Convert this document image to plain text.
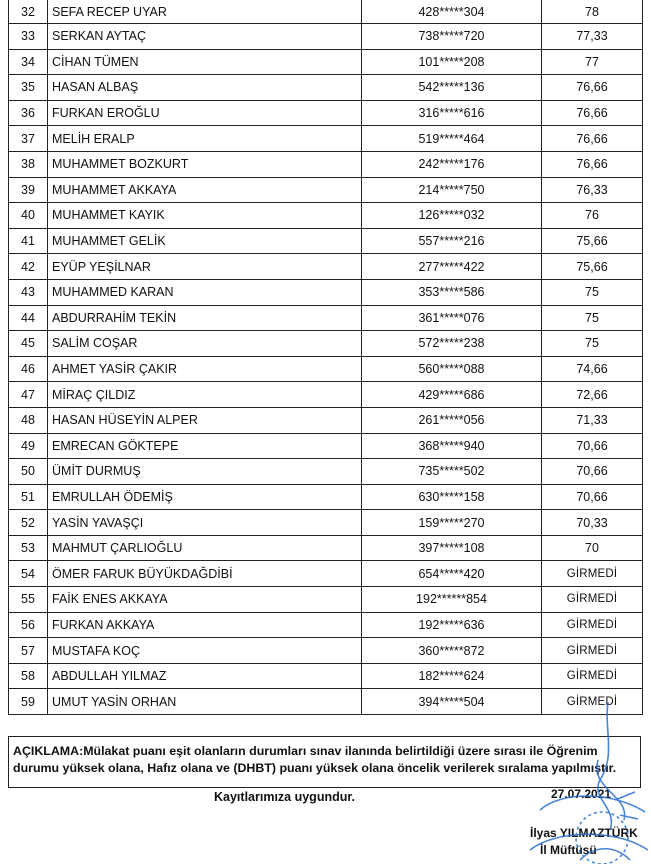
32	SEFA RECEP UYAR	428*****304	78
33	SERKAN AYTAÇ	738*****720	77,33
34	CİHAN TÜMEN	101*****208	77
35	HASAN ALBAŞ	542*****136	76,66
36	FURKAN EROĞLU	316*****616	76,66
37	MELİH ERALP	519*****464	76,66
38	MUHAMMET BOZKURT	242*****176	76,66
39	MUHAMMET AKKAYA	214*****750	76,33
40	MUHAMMET KAYIK	126*****032	76
41	MUHAMMET GELİK	557*****216	75,66
42	EYÜP YEŞİLNAR	277*****422	75,66
43	MUHAMMED KARAN	353*****586	75
44	ABDURRAHİM TEKİN	361*****076	75
45	SALİM COŞAR	572*****238	75
46	AHMET YASİR ÇAKIR	560*****088	74,66
47	MİRAÇ ÇILDIZ	429*****686	72,66
48	HASAN HÜSEYİN ALPER	261*****056	71,33
49	EMRECAN GÖKTEPE	368*****940	70,66
50	ÜMİT DURMUŞ	735*****502	70,66
51	EMRULLAH ÖDEMİŞ	630*****158	70,66
52	YASİN YAVAŞÇI	159*****270	70,33
53	MAHMUT ÇARLIOĞLU	397*****108	70
54	ÖMER FARUK BÜYÜKDAĞDİBİ	654*****420	GİRMEDİ
55	FAİK ENES AKKAYA	192******854	GİRMEDİ
56	FURKAN AKKAYA	192*****636	GİRMEDİ
57	MUSTAFA KOÇ	360*****872	GİRMEDİ
58	ABDULLAH YILMAZ	182*****624	GİRMEDİ
59	UMUT YASİN ORHAN	394*****504	GİRMEDİ
AÇIKLAMA:Mülakat puanı eşit olanların durumları sınav ilanında belirtildiği üzere sırası ile Öğrenim durumu yüksek olana, Hafız olana ve (DHBT) puanı yüksek olana öncelik verilerek sıralama yapılmıştır.
Kayıtlarımıza uygundur.	27.07.2021
İlyas YILMAZTÜRK
İl Müftüsü
